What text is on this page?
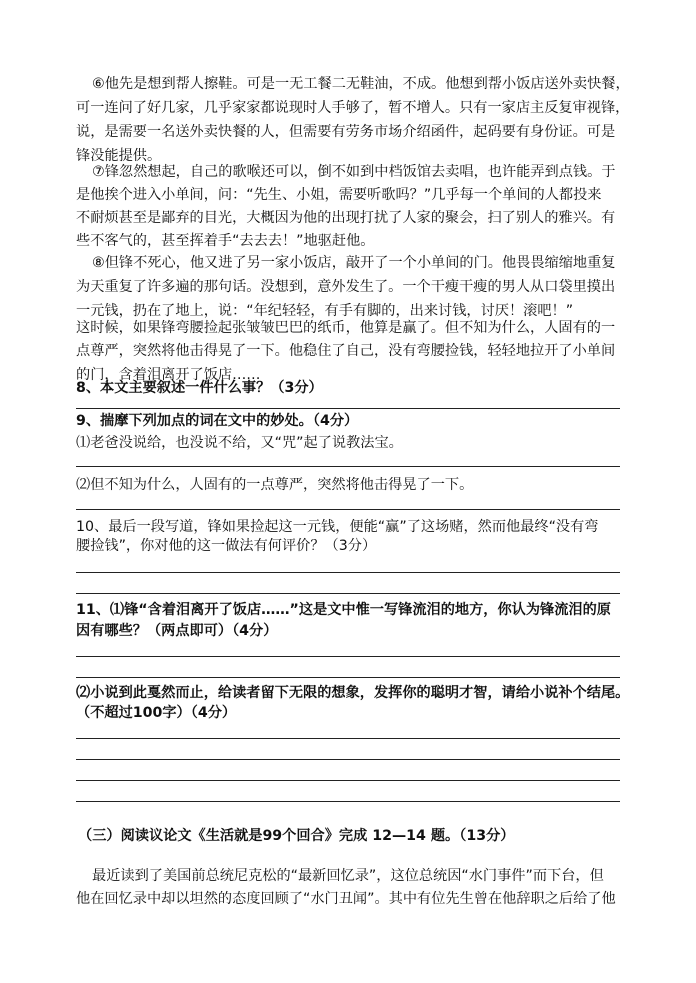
⑥他先是想到帮人擦鞋。可是一无工餐二无鞋油，不成。他想到帮小饭店送外卖快餐，
可一连问了好几家，几乎家家都说现时人手够了，暂不增人。只有一家店主反复审视锋，
说，是需要一名送外卖快餐的人，但需要有劳务市场介绍函件，起码要有身份证。可是
锋没能提供。
⑦锋忽然想起，自己的歌喉还可以，倒不如到中档饭馆去卖唱，也许能弄到点钱。于
是他挨个进入小单间，问：“先生、小姐，需要听歌吗？”几乎每一个单间的人都投来
不耐烦甚至是鄙弃的目光，大概因为他的出现打扰了人家的聚会，扫了别人的雅兴。有
些不客气的，甚至挥着手“去去去！”地驱赶他。
⑧但锋不死心，他又进了另一家小饭店，敲开了一个小单间的门。他畏畏缩缩地重复
为天重复了许多遍的那句话。没想到，意外发生了。一个干瘦干瘦的男人从口袋里摸出
一元钱，扔在了地上，说：“年纪轻轻，有手有脚的，出来讨钱，讨厌！滚吧！”
这时候，如果锋弯腰捡起张皱皱巴巴的纸币，他算是赢了。但不知为什么，人固有的一
点尊严，突然将他击得晃了一下。他稳住了自己，没有弯腰捡钱，轻轻地拉开了小单间
的门，含着泪离开了饭店……
8、本文主要叙述一件什么事？（3分）
9、揣摩下列加点的词在文中的妙处。（4分）
⑴老爸没说给，也没说不给，又“咒”起了说教法宝。
⑵但不知为什么，人固有的一点尊严，突然将他击得晃了一下。
10、最后一段写道，锋如果捡起这一元钱，便能“赢”了这场赌，然而他最终“没有弯
腰捡钱”，你对他的这一做法有何评价？（3分）
11、⑴锋“含着泪离开了饭店……”这是文中惟一写锋流泪的地方，你认为锋流泪的原
因有哪些？（两点即可）（4分）
⑵小说到此戛然而止，给读者留下无限的想象，发挥你的聪明才智，请给小说补个结尾。
（不超过100字）（4分）
（三）阅读议论文《生活就是99个回合》完成 12—14 题。（13分）
最近读到了美国前总统尼克松的“最新回忆录”，这位总统因“水门事件”而下台，但
他在回忆录中却以坦然的态度回顾了“水门丑闻”。其中有位先生曾在他辞职之后给了他
